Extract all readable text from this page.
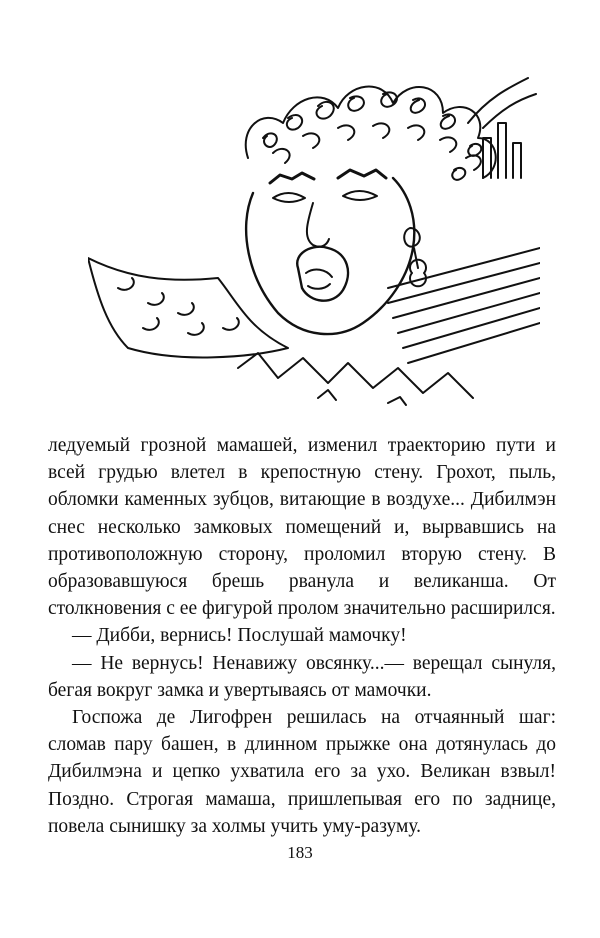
ледуемый грозной мамашей, изменил траекторию пути и всей грудью влетел в крепостную стену. Грохот, пыль, обломки каменных зубцов, витающие в воздухе... Дибилмэн снес несколько замковых помещений и, вырвавшись на противоположную сторону, проломил вторую стену. В образовавшуюся брешь рванула и великанша. От столкновения с ее фигурой пролом значительно расширился.

— Дибби, вернись! Послушай мамочку!

— Не вернусь! Ненавижу овсянку...— верещал сынуля, бегая вокруг замка и увертываясь от мамочки.

Госпожа де Лигофрен решилась на отчаянный шаг: сломав пару башен, в длинном прыжке она дотянулась до Дибилмэна и цепко ухватила его за ухо. Великан взвыл! Поздно. Строгая мамаша, пришлепывая его по заднице, повела сынишку за холмы учить уму-разуму.

183
